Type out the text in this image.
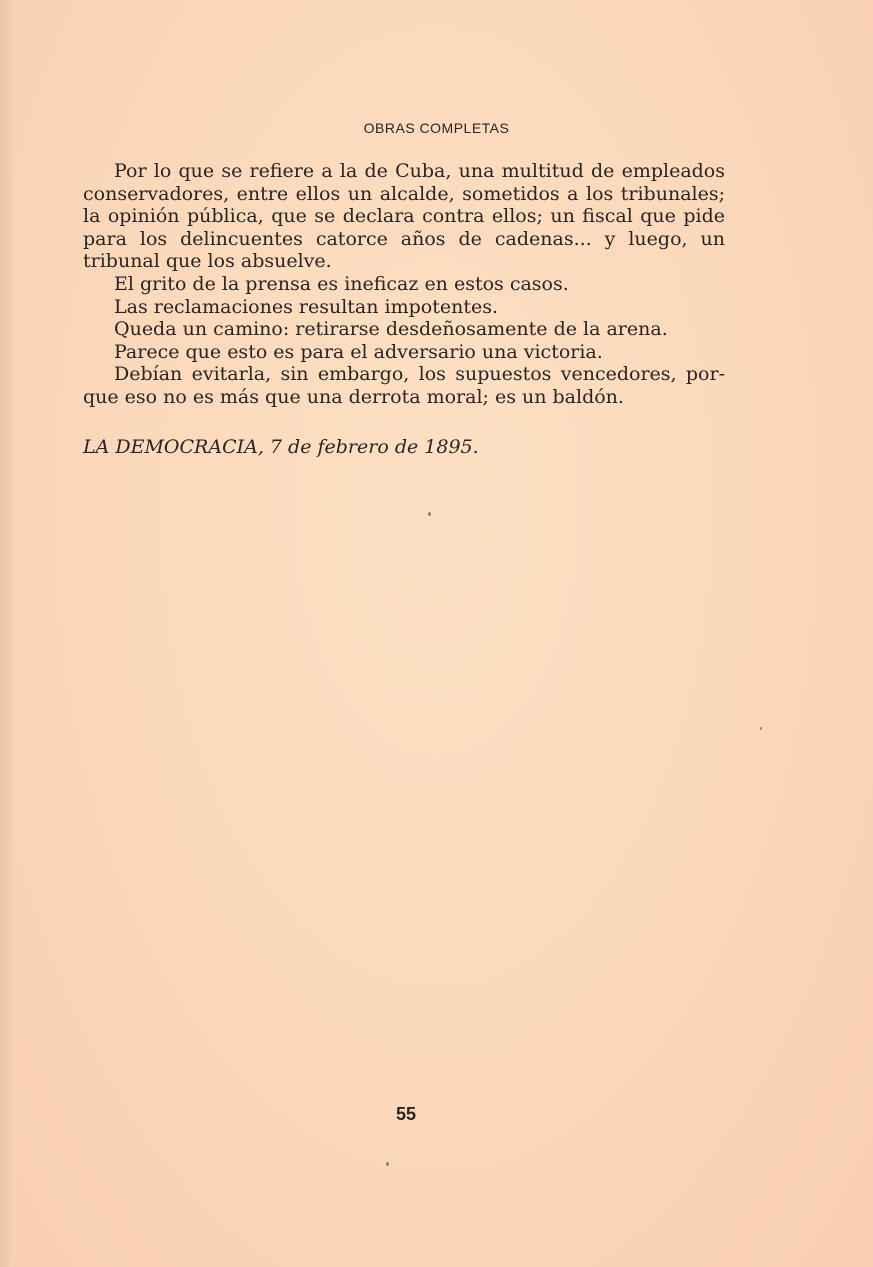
OBRAS COMPLETAS

Por lo que se refiere a la de Cuba, una multitud de empleados conservadores, entre ellos un alcalde, sometidos a los tribunales; la opinión pública, que se declara contra ellos; un fiscal que pide para los delincuentes catorce años de cadenas... y luego, un tribunal que los absuelve.

El grito de la prensa es ineficaz en estos casos.

Las reclamaciones resultan impotentes.

Queda un camino: retirarse desdeñosamente de la arena.

Parece que esto es para el adversario una victoria.

Debían evitarla, sin embargo, los supuestos vencedores, porque eso no es más que una derrota moral; es un baldón.

LA DEMOCRACIA, 7 de febrero de 1895.
55
